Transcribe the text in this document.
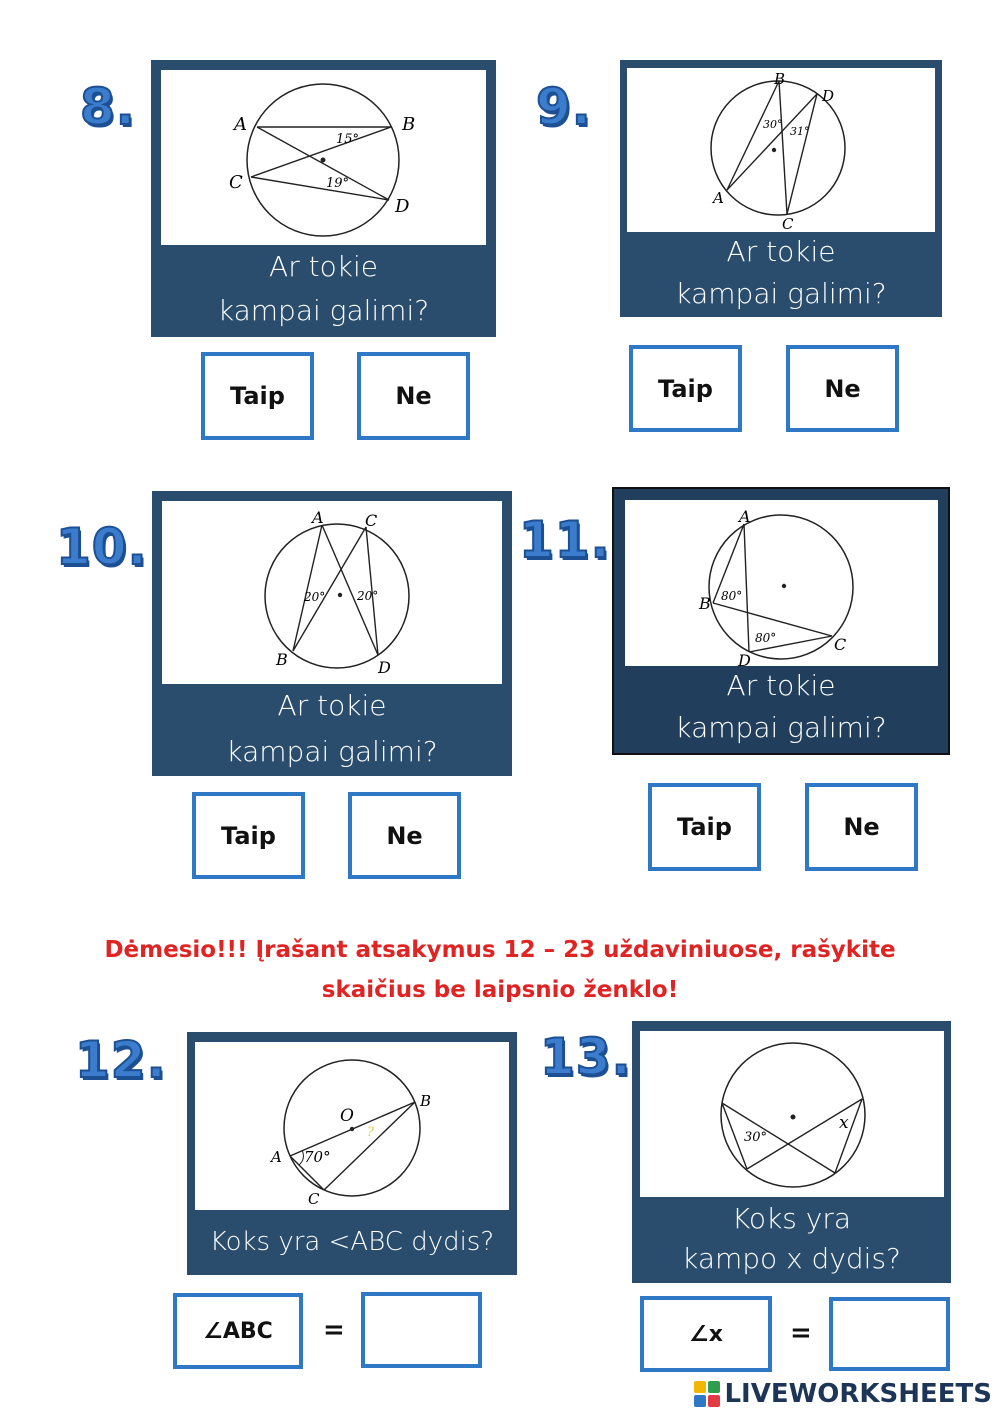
8.	A	B
C
D
15°
19°
Ar tokie
kampai galimi?
Taip	Ne
9.	B
D
A
C
30°
31°
Ar tokie
kampai galimi?
Taip	Ne
10.
A	C
B	D
20°	20°
Ar tokie
kampai galimi?
Taip	Ne
11.	A
B
C
D
80°
80°
Ar tokie
kampai galimi?
Taip	Ne
Dėmesio!!! Įrašant atsakymus 12 – 23 uždaviniuose, rašykite
skaičius be laipsnio ženklo!
12.
O
B
A
C
70°
?
Koks yra <ABC dydis?
∠ABC	=
13.
30°
x
Koks yra
kampo x dydis?
∠x	=
LIVEWORKSHEETS
